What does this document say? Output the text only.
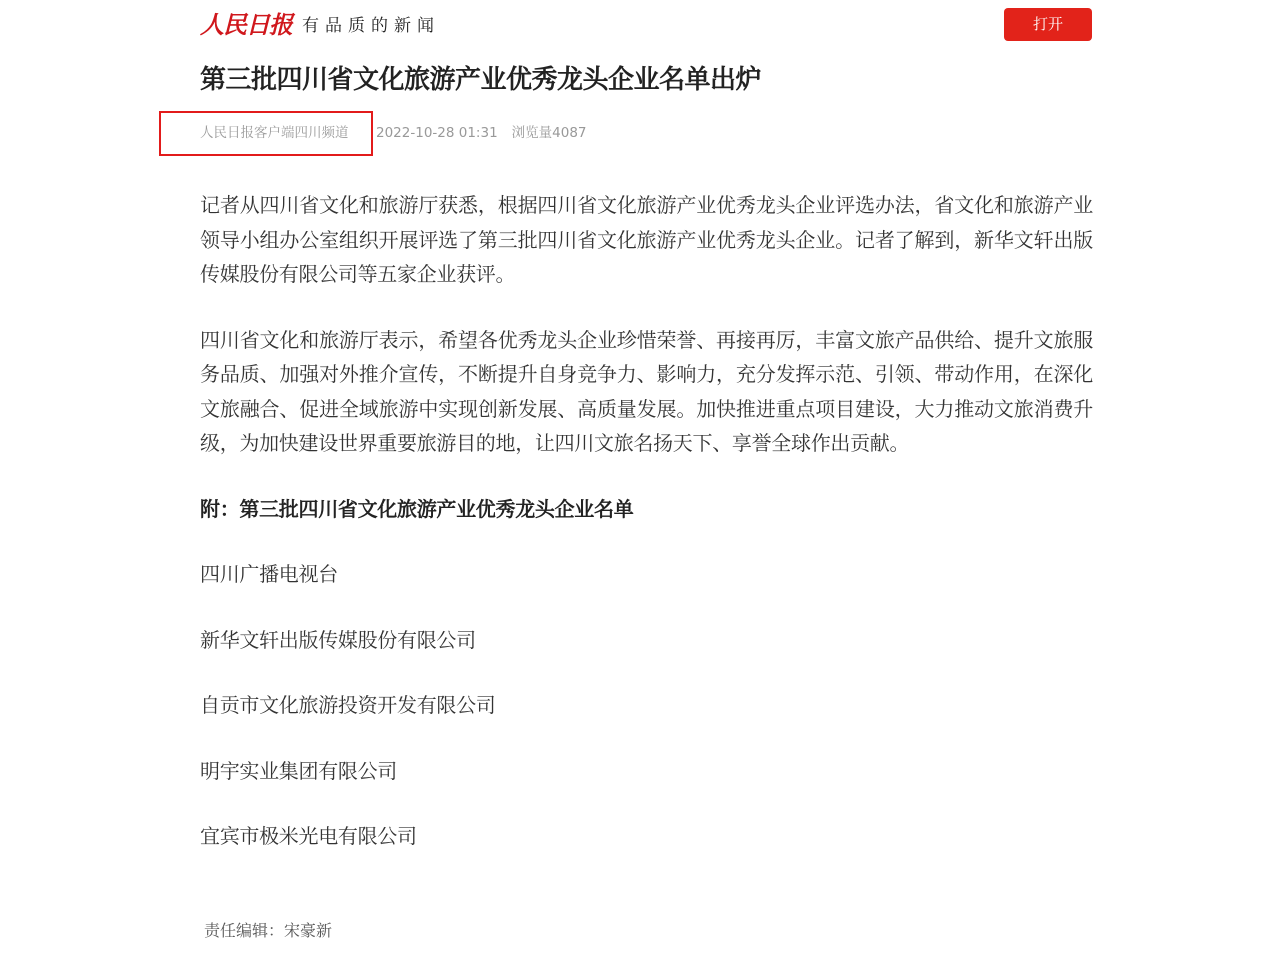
人民日报 有品质的新闻	打开
第三批四川省文化旅游产业优秀龙头企业名单出炉
人民日报客户端四川频道 2022-10-28 01:31 浏览量4087

记者从四川省文化和旅游厅获悉，根据四川省文化旅游产业优秀龙头企业评选办法，省文化和旅游产业领导小组办公室组织开展评选了第三批四川省文化旅游产业优秀龙头企业。记者了解到，新华文轩出版传媒股份有限公司等五家企业获评。

四川省文化和旅游厅表示，希望各优秀龙头企业珍惜荣誉、再接再厉，丰富文旅产品供给、提升文旅服务品质、加强对外推介宣传，不断提升自身竞争力、影响力，充分发挥示范、引领、带动作用，在深化文旅融合、促进全域旅游中实现创新发展、高质量发展。加快推进重点项目建设，大力推动文旅消费升级，为加快建设世界重要旅游目的地，让四川文旅名扬天下、享誉全球作出贡献。

附：第三批四川省文化旅游产业优秀龙头企业名单

四川广播电视台

新华文轩出版传媒股份有限公司

自贡市文化旅游投资开发有限公司

明宇实业集团有限公司

宜宾市极米光电有限公司

责任编辑：宋豪新
